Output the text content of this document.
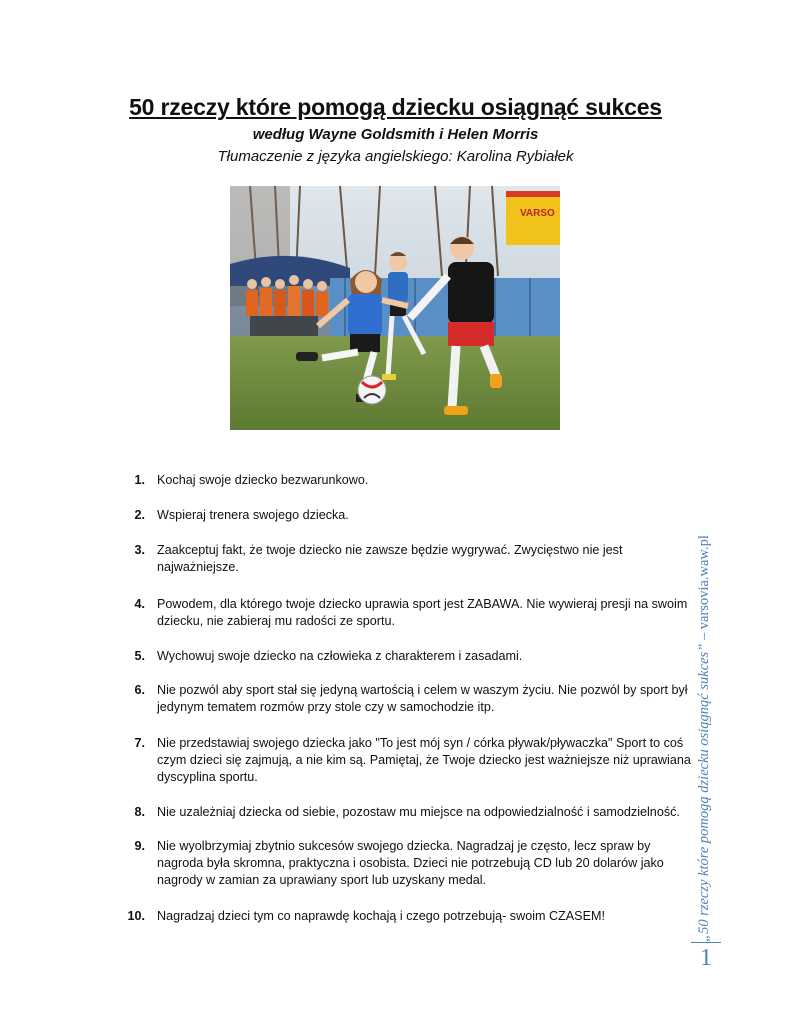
50 rzeczy które pomogą dziecku osiągnąć sukces
według Wayne Goldsmith i Helen Morris
Tłumaczenie z języka angielskiego: Karolina Rybiałek
VARSO
1. Kochaj swoje dziecko bezwarunkowo.
2. Wspieraj trenera swojego dziecka.
3. Zaakceptuj fakt, że twoje dziecko nie zawsze będzie wygrywać. Zwycięstwo nie jest najważniejsze.
4. Powodem, dla którego twoje dziecko uprawia sport jest ZABAWA. Nie wywieraj presji na swoim dziecku, nie zabieraj mu radości ze sportu.
5. Wychowuj swoje dziecko na człowieka z charakterem i zasadami.
6. Nie pozwól aby sport stał się jedyną wartością i celem w waszym życiu. Nie pozwól by sport był jedynym tematem rozmów przy stole czy w samochodzie itp.
7. Nie przedstawiaj swojego dziecka jako "To jest mój syn / córka pływak/pływaczka" Sport to coś czym dzieci się zajmują, a nie kim są. Pamiętaj, że Twoje dziecko jest ważniejsze niż uprawiana dyscyplina sportu.
8. Nie uzależniaj dziecka od siebie, pozostaw mu miejsce na odpowiedzialność i samodzielność.
9. Nie wyolbrzymiaj zbytnio sukcesów swojego dziecka. Nagradzaj je często, lecz spraw by nagroda była skromna, praktyczna i osobista. Dzieci nie potrzebują CD lub 20 dolarów jako nagrody w zamian za uprawiany sport lub uzyskany medal.
10. Nagradzaj dzieci tym co naprawdę kochają i czego potrzebują- swoim CZASEM!	„50 rzeczy które pomogą dziecku osiągnąć sukces” – varsovia.waw.pl
1
